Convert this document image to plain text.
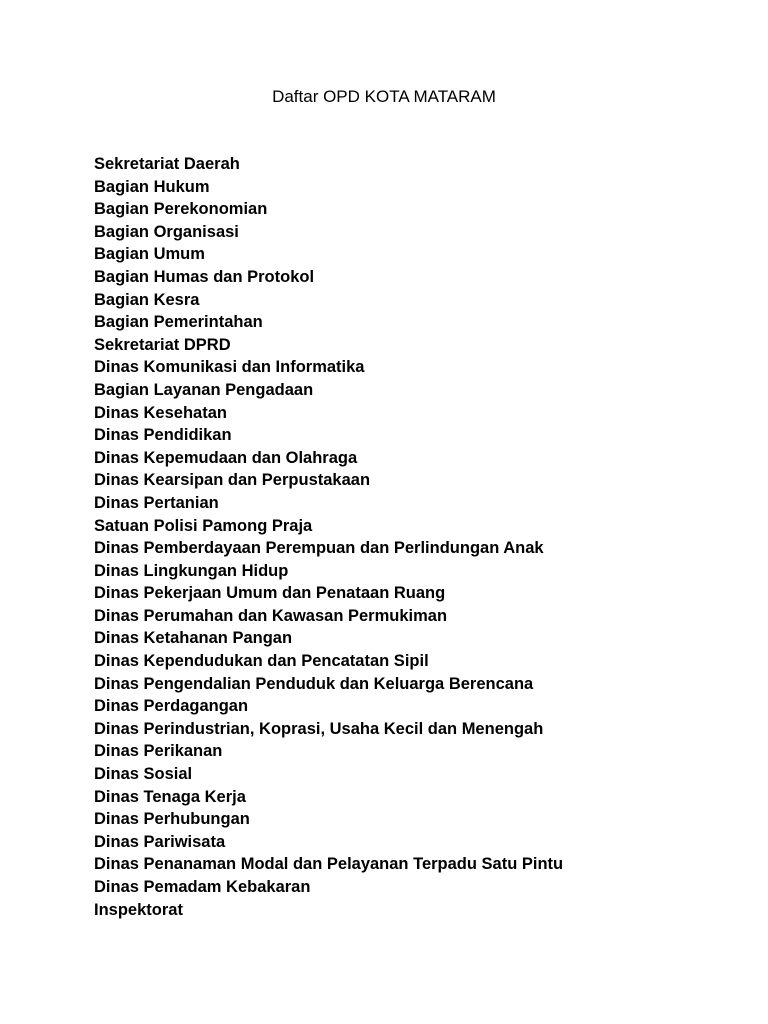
Daftar OPD KOTA MATARAM
Sekretariat Daerah
Bagian Hukum
Bagian Perekonomian
Bagian Organisasi
Bagian Umum
Bagian Humas dan Protokol
Bagian Kesra
Bagian Pemerintahan
Sekretariat DPRD
Dinas Komunikasi dan Informatika
Bagian Layanan Pengadaan
Dinas Kesehatan
Dinas Pendidikan
Dinas Kepemudaan dan Olahraga
Dinas Kearsipan dan Perpustakaan
Dinas Pertanian
Satuan Polisi Pamong Praja
Dinas Pemberdayaan Perempuan dan Perlindungan Anak
Dinas Lingkungan Hidup
Dinas Pekerjaan Umum dan Penataan Ruang
Dinas Perumahan dan Kawasan Permukiman
Dinas Ketahanan Pangan
Dinas Kependudukan dan Pencatatan Sipil
Dinas Pengendalian Penduduk dan Keluarga Berencana
Dinas Perdagangan
Dinas Perindustrian, Koprasi, Usaha Kecil dan Menengah
Dinas Perikanan
Dinas Sosial
Dinas Tenaga Kerja
Dinas Perhubungan
Dinas Pariwisata
Dinas Penanaman Modal dan Pelayanan Terpadu Satu Pintu
Dinas Pemadam Kebakaran
Inspektorat
